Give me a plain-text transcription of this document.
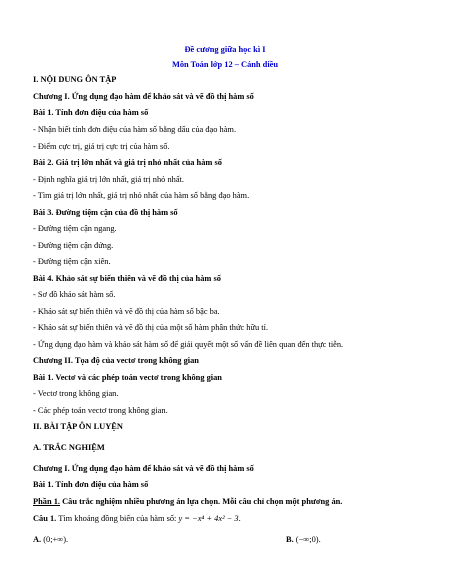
Đề cương giữa học kì I
Môn Toán lớp 12 – Cánh diều
I. NỘI DUNG ÔN TẬP
Chương I. Ứng dụng đạo hàm để khảo sát và vẽ đồ thị hàm số
Bài 1. Tính đơn điệu của hàm số
- Nhận biết tính đơn điệu của hàm số bằng dấu của đạo hàm.
- Điểm cực trị, giá trị cực trị của hàm số.
Bài 2. Giá trị lớn nhất và giá trị nhỏ nhất của hàm số
- Định nghĩa giá trị lớn nhất, giá trị nhỏ nhất.
- Tìm giá trị lớn nhất, giá trị nhỏ nhất của hàm số bằng đạo hàm.
Bài 3. Đường tiệm cận của đồ thị hàm số
- Đường tiệm cận ngang.
- Đường tiệm cận đứng.
- Đường tiệm cận xiên.
Bài 4. Khảo sát sự biến thiên và vẽ đồ thị của hàm số
- Sơ đồ khảo sát hàm số.
- Khảo sát sự biến thiên và vẽ đồ thị của hàm số bậc ba.
- Khảo sát sự biến thiên và vẽ đồ thị của một số hàm phân thức hữu tỉ.
- Ứng dụng đạo hàm và khảo sát hàm số để giải quyết một số vấn đề liên quan đến thực tiễn.
Chương II. Tọa độ của vectơ trong không gian
Bài 1. Vectơ và các phép toán vectơ trong không gian
- Vectơ trong không gian.
- Các phép toán vectơ trong không gian.
II. BÀI TẬP ÔN LUYỆN
A. TRẮC NGHIỆM
Chương I. Ứng dụng đạo hàm để khảo sát và vẽ đồ thị hàm số
Bài 1. Tính đơn điệu của hàm số
Phần 1. Câu trắc nghiệm nhiều phương án lựa chọn. Mỗi câu chỉ chọn một phương án.
Câu 1. Tìm khoảng đồng biến của hàm số: y = −x⁴ + 4x² − 3.
A. (0;+∞).	B. (−∞;0).
